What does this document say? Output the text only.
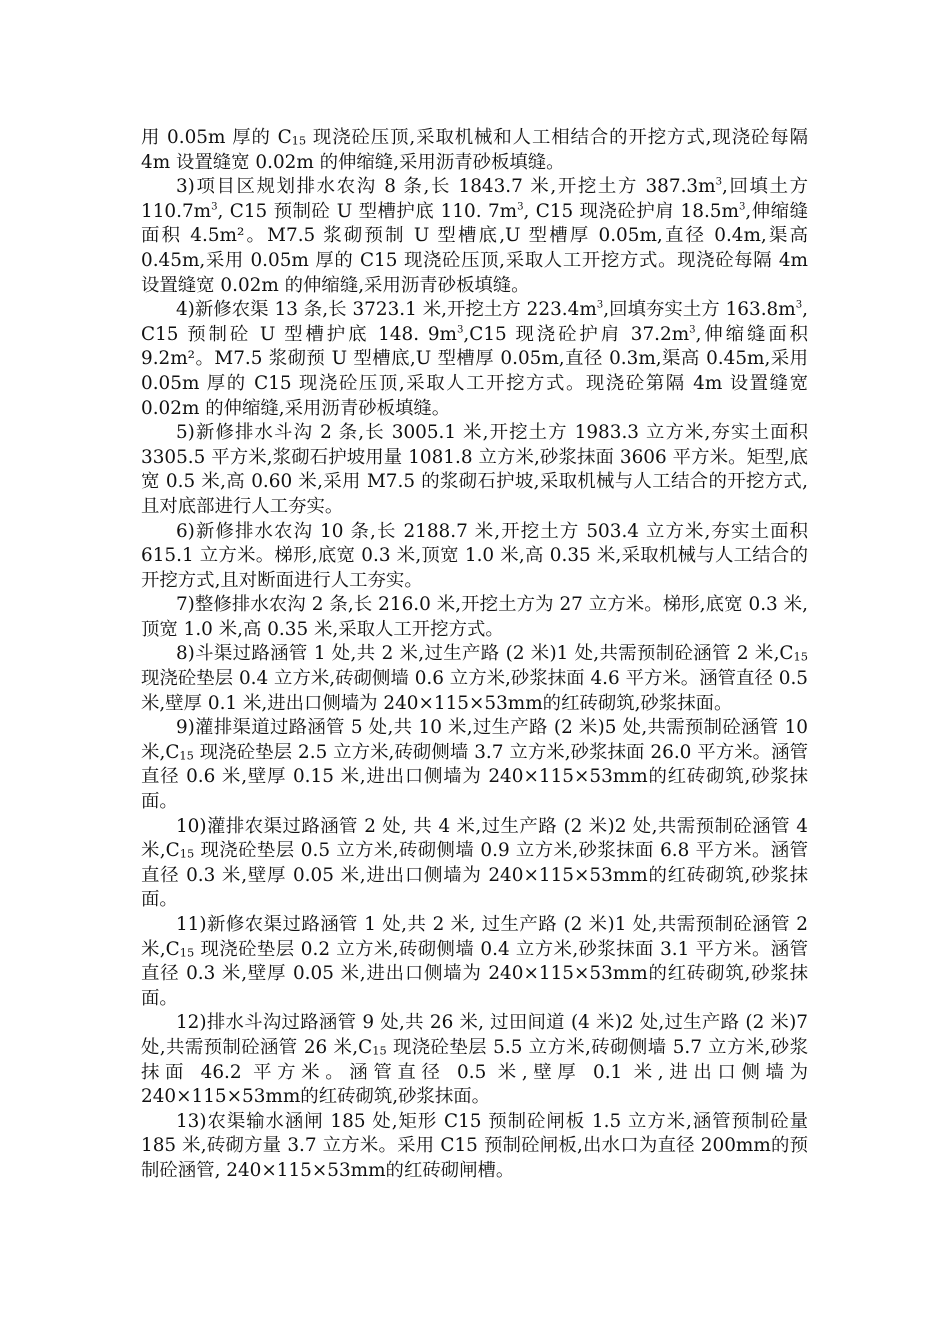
用 0.05m 厚的 $C_{15}$ 现浇砼压顶,采取机械和人工相结合的开挖方式,现浇砼每隔 4m 设置缝宽 0.02m 的伸缩缝,采用沥青砂板填缝。

3)项目区规划排水农沟 8 条,长 1843.7 米,开挖土方 $387.3m^3$,回填土方 $110.7m^3$, C15 预制砼 U 型槽护底 110. $7m^3$, C15 现浇砼护肩 $18.5m^3$,伸缩缝面积 4.5m²。M7.5 浆砌预制 U 型槽底,U 型槽厚 0.05m,直径 0.4m,渠高 0.45m,采用 0.05m 厚的 C15 现浇砼压顶,采取人工开挖方式。现浇砼每隔 4m 设置缝宽 0.02m 的伸缩缝,采用沥青砂板填缝。

4)新修农渠 13 条,长 3723.1 米,开挖土方 $223.4m^3$,回填夯实土方 $163.8m^3$, C15 预制砼 U 型槽护底 148. $9m^3,C15$ 现浇砼护肩 $37.2m^3$,伸缩缝面积 9.2m²。M7.5 浆砌预 U 型槽底,U 型槽厚 0.05m,直径 0.3m,渠高 0.45m,采用 0.05m 厚的 C15 现浇砼压顶,采取人工开挖方式。现浇砼第隔 4m 设置缝宽 0.02m 的伸缩缝,采用沥青砂板填缝。

5)新修排水斗沟 2 条,长 3005.1 米,开挖土方 1983.3 立方米,夯实土面积 3305.5 平方米,浆砌石护坡用量 1081.8 立方米,砂浆抹面 3606 平方米。矩型,底宽 0.5 米,高 0.60 米,采用 M7.5 的浆砌石护坡,采取机械与人工结合的开挖方式,且对底部进行人工夯实。

6)新修排水农沟 10 条,长 2188.7 米,开挖土方 503.4 立方米,夯实土面积 615.1 立方米。梯形,底宽 0.3 米,顶宽 1.0 米,高 0.35 米,采取机械与人工结合的开挖方式,且对断面进行人工夯实。

7)整修排水农沟 2 条,长 216.0 米,开挖土方为 27 立方米。梯形,底宽 0.3 米,顶宽 1.0 米,高 0.35 米,采取人工开挖方式。

8)斗渠过路涵管 1 处,共 2 米,过生产路 (2 米)1 处,共需预制砼涵管 2 米$,C_{15}$ 现浇砼垫层 0.4 立方米,砖砌侧墙 0.6 立方米,砂浆抹面 4.6 平方米。涵管直径 0.5 米,壁厚 0.1 米,进出口侧墙为 240×115×53mm的红砖砌筑,砂浆抹面。

9)灌排渠道过路涵管 5 处,共 10 米,过生产路 (2 米)5 处,共需预制砼涵管 10 米$,C_{15}$ 现浇砼垫层 2.5 立方米,砖砌侧墙 3.7 立方米,砂浆抹面 26.0 平方米。涵管直径 0.6 米,壁厚 0.15 米,进出口侧墙为 240×115×53mm的红砖砌筑,砂浆抹面。

10)灌排农渠过路涵管 2 处, 共 4 米,过生产路 (2 米)2 处,共需预制砼涵管 4 米$,C_{15}$ 现浇砼垫层 0.5 立方米,砖砌侧墙 0.9 立方米,砂浆抹面 6.8 平方米。涵管直径 0.3 米,壁厚 0.05 米,进出口侧墙为 240×115×53mm的红砖砌筑,砂浆抹面。

11)新修农渠过路涵管 1 处,共 2 米, 过生产路 (2 米)1 处,共需预制砼涵管 2 米$,C_{15}$ 现浇砼垫层 0.2 立方米,砖砌侧墙 0.4 立方米,砂浆抹面 3.1 平方米。涵管直径 0.3 米,壁厚 0.05 米,进出口侧墙为 240×115×53mm的红砖砌筑,砂浆抹面。

12)排水斗沟过路涵管 9 处,共 26 米, 过田间道 (4 米)2 处,过生产路 (2 米)7 处,共需预制砼涵管 26 米$,C_{15}$ 现浇砼垫层 5.5 立方米,砖砌侧墙 5.7 立方米,砂浆抹面 46.2 平方米。涵管直径 0.5 米,壁厚 0.1 米,进出口侧墙为 240×115×53mm的红砖砌筑,砂浆抹面。

13)农渠输水涵闸 185 处,矩形 C15 预制砼闸板 1.5 立方米,涵管预制砼量 185 米,砖砌方量 3.7 立方米。采用 C15 预制砼闸板,出水口为直径 200mm的预制砼涵管, 240×115×53mm的红砖砌闸槽。
